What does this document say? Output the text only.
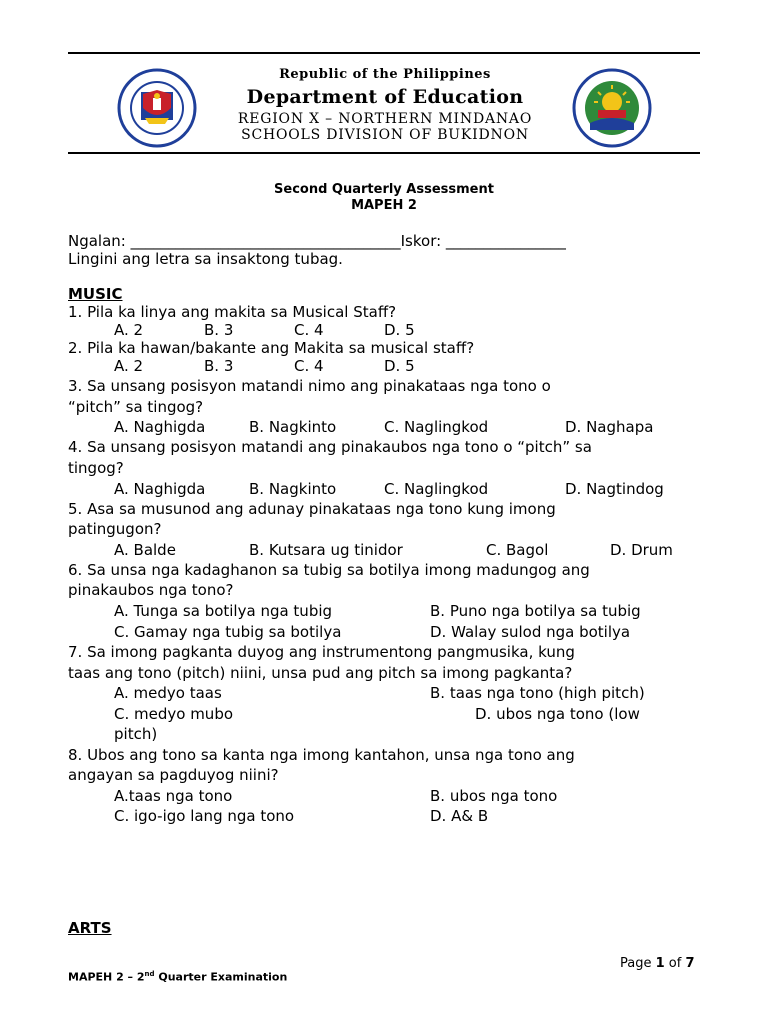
Republic of the Philippines
Department of Education
REGION X – NORTHERN MINDANAO
SCHOOLS DIVISION OF BUKIDNON
Second Quarterly Assessment
MAPEH 2
Ngalan: ____________________________________Iskor: ________________
Lingini ang letra sa insaktong tubag.
MUSIC
1. Pila ka linya ang makita sa Musical Staff?
A. 2	B. 3	C. 4	D. 5
2. Pila ka hawan/bakante ang Makita sa musical staff?
A. 2	B. 3	C. 4	D. 5
3. Sa unsang posisyon matandi nimo ang pinakataas nga tono o
“pitch” sa tingog?
A. Naghigda	B. Nagkinto	C. Naglingkod	D. Naghapa
4. Sa unsang posisyon matandi ang pinakaubos nga tono o “pitch” sa
tingog?
A. Naghigda	B. Nagkinto	C. Naglingkod	D. Nagtindog
5. Asa sa musunod ang adunay pinakataas nga tono kung imong
patingugon?
A. Balde	B. Kutsara ug tinidor	C. Bagol	D. Drum
6. Sa unsa nga kadaghanon sa tubig sa botilya imong madungog ang
pinakaubos nga tono?
A. Tunga sa botilya nga tubig	B. Puno nga botilya sa tubig
C. Gamay nga tubig sa botilya	D. Walay sulod nga botilya
7. Sa imong pagkanta duyog ang instrumentong pangmusika, kung
taas ang tono (pitch) niini, unsa pud ang pitch sa imong pagkanta?
A. medyo taas	B. taas nga tono (high pitch)
C. medyo mubo	D. ubos nga tono (low
pitch)
8. Ubos ang tono sa kanta nga imong kantahon, unsa nga tono ang
angayan sa pagduyog niini?
A.taas nga tono	B. ubos nga tono
C. igo-igo lang nga tono	D. A& B
ARTS
Page 1 of 7
MAPEH 2 – 2nd Quarter Examination
